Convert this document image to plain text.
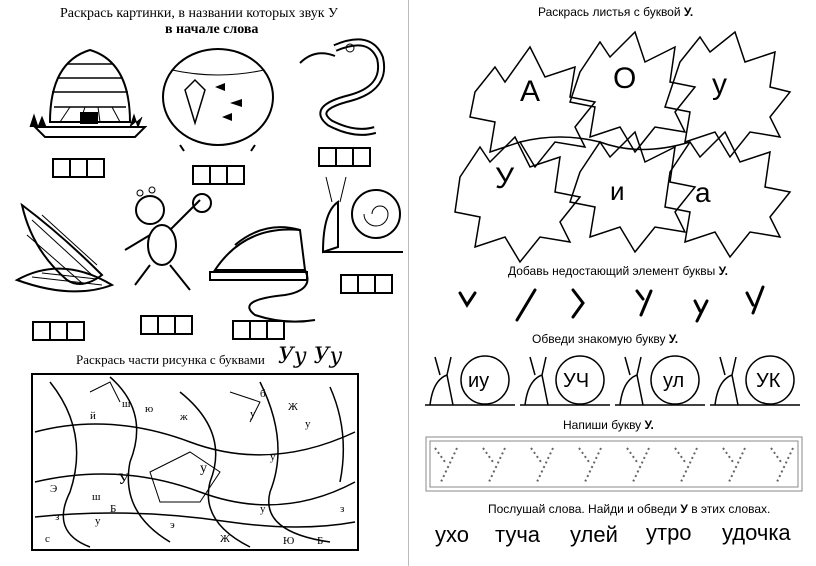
Раскрась картинки, в названии которых звук У
в начале слова
Раскрась части рисунка с буквами Уу Уу
ш ю
й	ж
Ж
б
у
у
У
у
у
Э
з
ш
Б
у	э
у
с	Ж	Ю Б
з
Раскрась листья с буквой У.
А О	у
У	и	а
Добавь недостающий элемент буквы У.
Обведи знакомую букву У.
иу	УЧ	ул	УК
Напиши букву У.
Послушай слова. Найди и обведи У в этих словах.
ухо туча улей утро удочка
